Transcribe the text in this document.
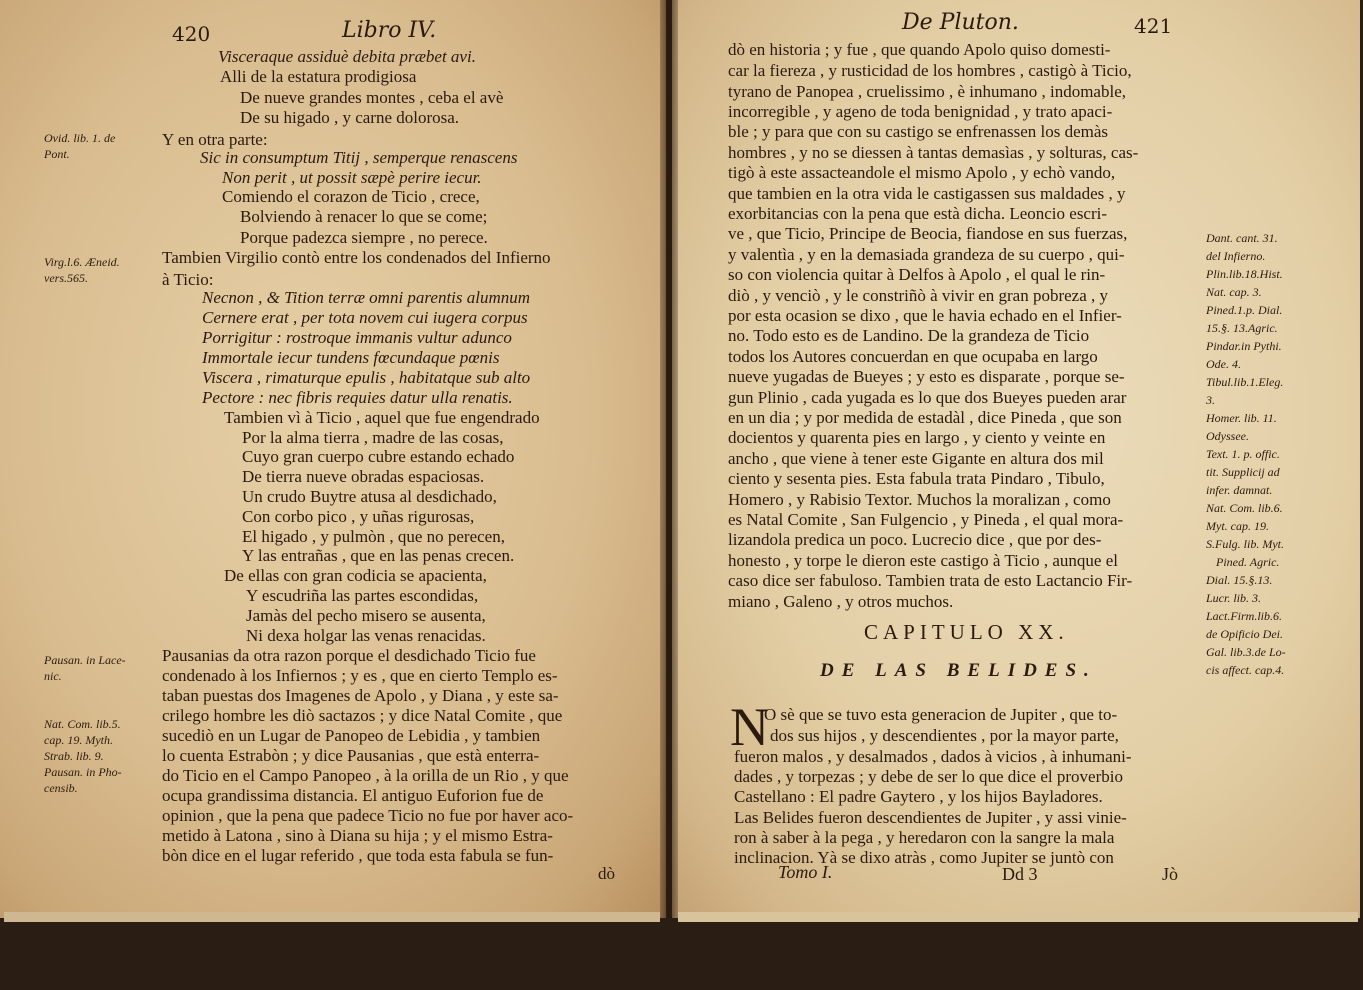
420	Libro IV.
Visceraque assiduè debita præbet avi.
Alli de la estatura prodigiosa
De nueve grandes montes , ceba el avè
De su higado , y carne dolorosa.
Y en otra parte:
Sic in consumptum Titij , semperque renascens
Non perit , ut possit sæpè perire iecur.
Comiendo el corazon de Ticio , crece,
Bolviendo à renacer lo que se come;
Porque padezca siempre , no perece.
Tambien Virgilio contò entre los condenados del Infierno
à Ticio:
Necnon , & Tition terræ omni parentis alumnum
Cernere erat , per tota novem cui iugera corpus
Porrigitur : rostroque immanis vultur adunco
Immortale iecur tundens fœcundaque pœnis
Viscera , rimaturque epulis , habitatque sub alto
Pectore : nec fibris requies datur ulla renatis.
Tambien vì à Ticio , aquel que fue engendrado
Por la alma tierra , madre de las cosas,
Cuyo gran cuerpo cubre estando echado
De tierra nueve obradas espaciosas.
Un crudo Buytre atusa al desdichado,
Con corbo pico , y uñas rigurosas,
El higado , y pulmòn , que no perecen,
Y las entrañas , que en las penas crecen.
De ellas con gran codicia se apacienta,
Y escudriña las partes escondidas,
Jamàs del pecho misero se ausenta,
Ni dexa holgar las venas renacidas.
Pausanias da otra razon porque el desdichado Ticio fue
condenado à los Infiernos ; y es , que en cierto Templo es-
taban puestas dos Imagenes de Apolo , y Diana , y este sa-
crilego hombre les diò sactazos ; y dice Natal Comite , que
sucediò en un Lugar de Panopeo de Lebidia , y tambien
lo cuenta Estrabòn ; y dice Pausanias , que està enterra-
do Ticio en el Campo Panopeo , à la orilla de un Rio , y que
ocupa grandissima distancia. El antiguo Euforion fue de
opinion , que la pena que padece Ticio no fue por haver aco-
metido à Latona , sino à Diana su hija ; y el mismo Estra-
bòn dice en el lugar referido , que toda esta fabula se fun-
dò
Ovid. lib. 1. de
Pont.
Virg.l.6. Æneid.
vers.565.
Pausan. in Lace-
nic.
Nat. Com. lib.5.
cap. 19. Myth.
Strab. lib. 9.
Pausan. in Pho-
censib.
De Pluton.	421
dò en historia ; y fue , que quando Apolo quiso domesti-
car la fiereza , y rusticidad de los hombres , castigò à Ticio,
tyrano de Panopea , cruelissimo , è inhumano , indomable,
incorregible , y ageno de toda benignidad , y trato apaci-
ble ; y para que con su castigo se enfrenassen los demàs
hombres , y no se diessen à tantas demasìas , y solturas, cas-
tigò à este assacteandole el mismo Apolo , y echò vando,
que tambien en la otra vida le castigassen sus maldades , y
exorbitancias con la pena que està dicha. Leoncio escri-
ve , que Ticio, Principe de Beocia, fiandose en sus fuerzas,
y valentìa , y en la demasiada grandeza de su cuerpo , qui-
so con violencia quitar à Delfos à Apolo , el qual le rin-
diò , y venciò , y le constriñò à vivir en gran pobreza , y
por esta ocasion se dixo , que le havia echado en el Infier-
no. Todo esto es de Landino. De la grandeza de Ticio
todos los Autores concuerdan en que ocupaba en largo
nueve yugadas de Bueyes ; y esto es disparate , porque se-
gun Plinio , cada yugada es lo que dos Bueyes pueden arar
en un dia ; y por medida de estadàl , dice Pineda , que son
docientos y quarenta pies en largo , y ciento y veinte en
ancho , que viene à tener este Gigante en altura dos mil
ciento y sesenta pies. Esta fabula trata Pindaro , Tibulo,
Homero , y Rabisio Textor. Muchos la moralizan , como
es Natal Comite , San Fulgencio , y Pineda , el qual mora-
lizandola predica un poco. Lucrecio dice , que por des-
honesto , y torpe le dieron este castigo à Ticio , aunque el
caso dice ser fabuloso. Tambien trata de esto Lactancio Fir-
miano , Galeno , y otros muchos.
CAPITULO XX.
DE LAS BELIDES.
N
O sè que se tuvo esta generacion de Jupiter , que to-
dos sus hijos , y descendientes , por la mayor parte,
fueron malos , y desalmados , dados à vicios , à inhumani-
dades , y torpezas ; y debe de ser lo que dice el proverbio
Castellano : El padre Gaytero , y los hijos Bayladores.
Las Belides fueron descendientes de Jupiter , y assi vinie-
ron à saber à la pega , y heredaron con la sangre la mala
inclinacion. Yà se dixo atràs , como Jupiter se juntò con
Tomo I.	Dd 3	Jò
Dant. cant. 31.
del Infierno.
Plin.lib.18.Hist.
Nat. cap. 3.
Pined.1.p. Dial.
15.§. 13.Agric.
Pindar.in Pythi.
Ode. 4.
Tibul.lib.1.Eleg.
3.
Homer. lib. 11.
Odyssee.
Text. 1. p. offic.
tit. Supplicij ad
infer. damnat.
Nat. Com. lib.6.
Myt. cap. 19.
S.Fulg. lib. Myt.
Pined. Agric.
Dial. 15.§.13.
Lucr. lib. 3.
Lact.Firm.lib.6.
de Opificio Dei.
Gal. lib.3.de Lo-
cis affect. cap.4.
